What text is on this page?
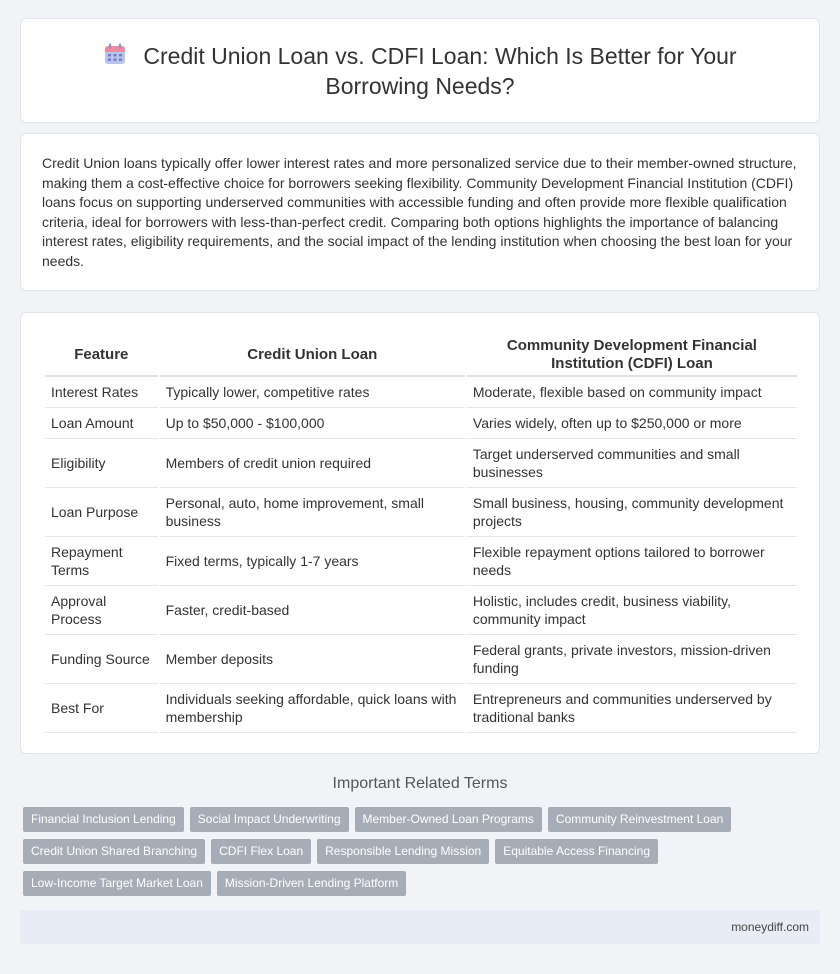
Credit Union Loan vs. CDFI Loan: Which Is Better for Your
Borrowing Needs?

Credit Union loans typically offer lower interest rates and more personalized service due to their member-owned structure, making them a cost-effective choice for borrowers seeking flexibility. Community Development Financial Institution (CDFI) loans focus on supporting underserved communities with accessible funding and often provide more flexible qualification criteria, ideal for borrowers with less-than-perfect credit. Comparing both options highlights the importance of balancing interest rates, eligibility requirements, and the social impact of the lending institution when choosing the best loan for your needs.

Feature	Credit Union Loan	Community Development Financial Institution (CDFI) Loan
Interest Rates	Typically lower, competitive rates	Moderate, flexible based on community impact
Loan Amount	Up to $50,000 - $100,000	Varies widely, often up to $250,000 or more
Eligibility	Members of credit union required	Target underserved communities and small businesses
Loan Purpose	Personal, auto, home improvement, small business	Small business, housing, community development projects
Repayment Terms	Fixed terms, typically 1-7 years	Flexible repayment options tailored to borrower needs
Approval Process	Faster, credit-based	Holistic, includes credit, business viability, community impact
Funding Source	Member deposits	Federal grants, private investors, mission-driven funding
Best For	Individuals seeking affordable, quick loans with membership	Entrepreneurs and communities underserved by traditional banks
Important Related Terms
Financial Inclusion Lending Social Impact Underwriting Member-Owned Loan Programs Community Reinvestment Loan
Credit Union Shared Branching CDFI Flex Loan Responsible Lending Mission Equitable Access Financing
Low-Income Target Market Loan Mission-Driven Lending Platform
moneydiff.com
